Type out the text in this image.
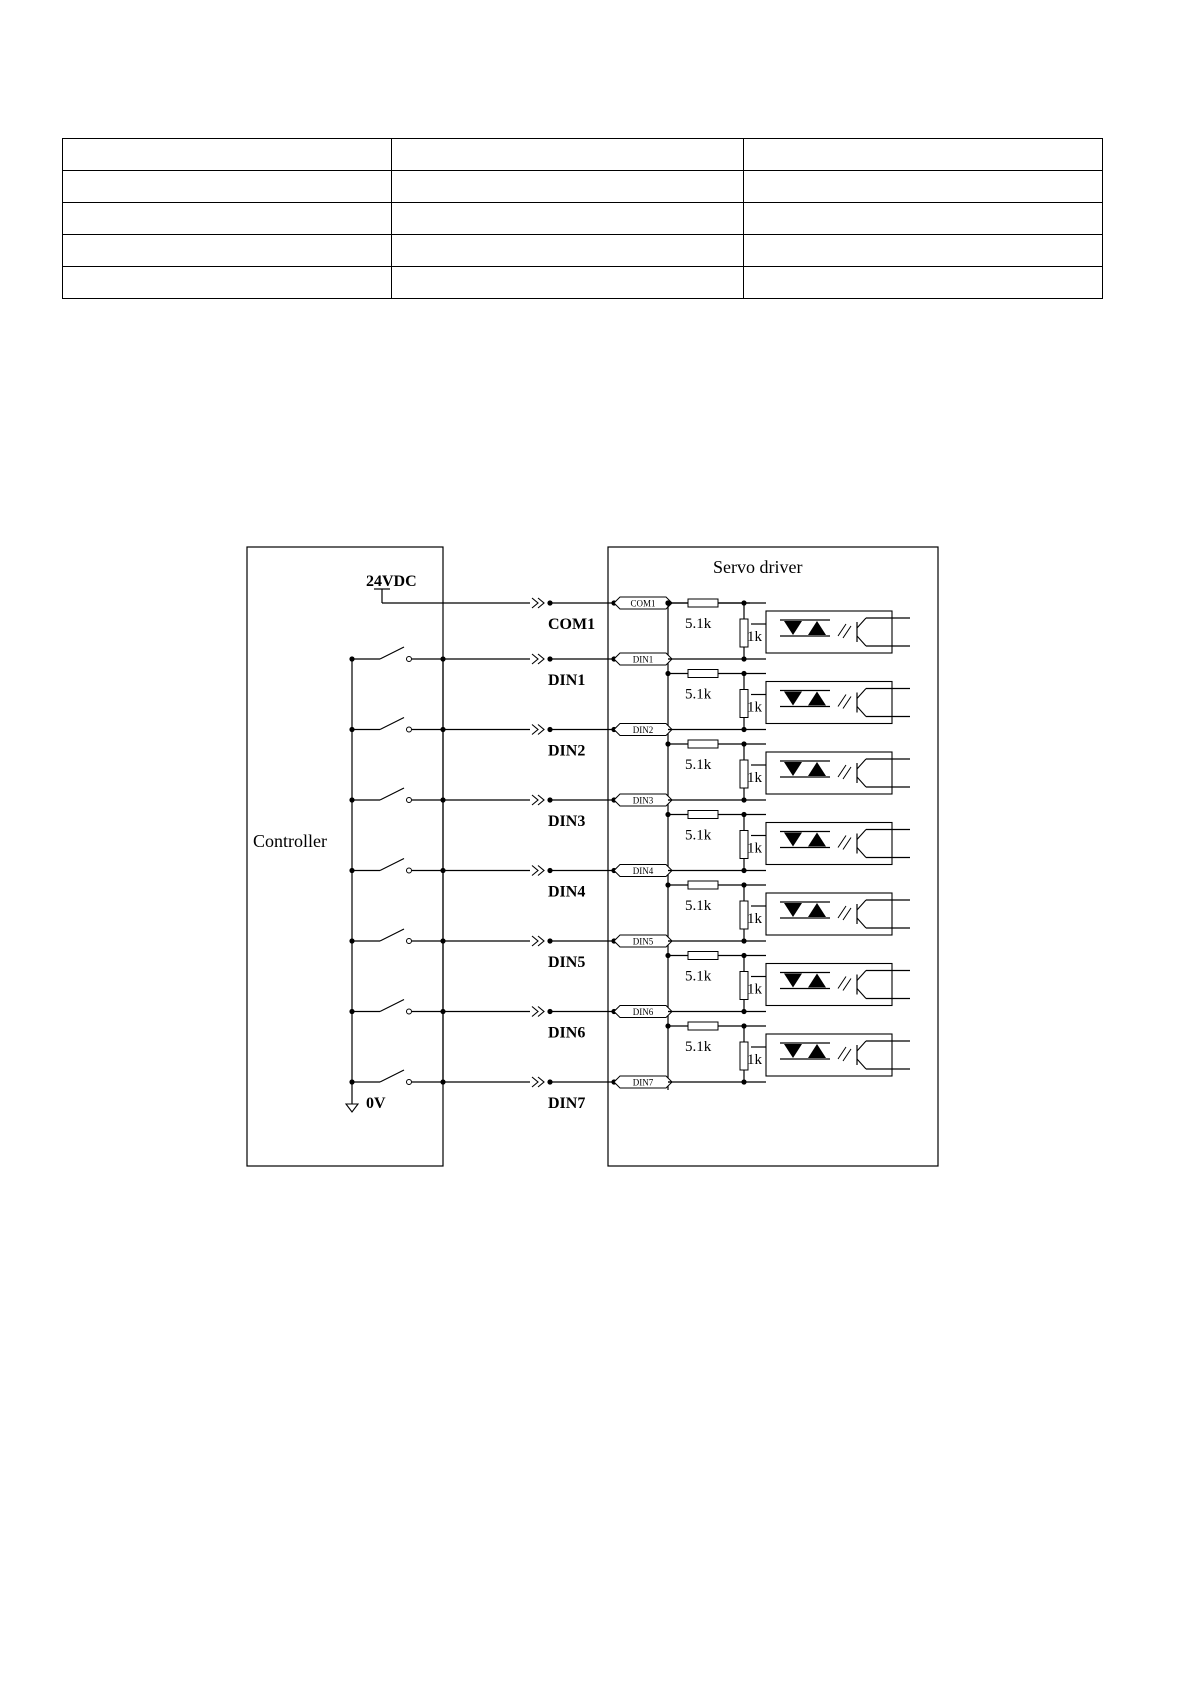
Controller
Servo driver
24VDC
0V
COM1
COM1
DIN1
DIN1
DIN2
DIN2
DIN3
DIN3
DIN4
DIN4
DIN5
DIN5
DIN6
DIN6
DIN7
DIN7
5.1k
1k
5.1k
1k
5.1k
1k
5.1k
1k
5.1k
1k
5.1k
1k
5.1k
1k
